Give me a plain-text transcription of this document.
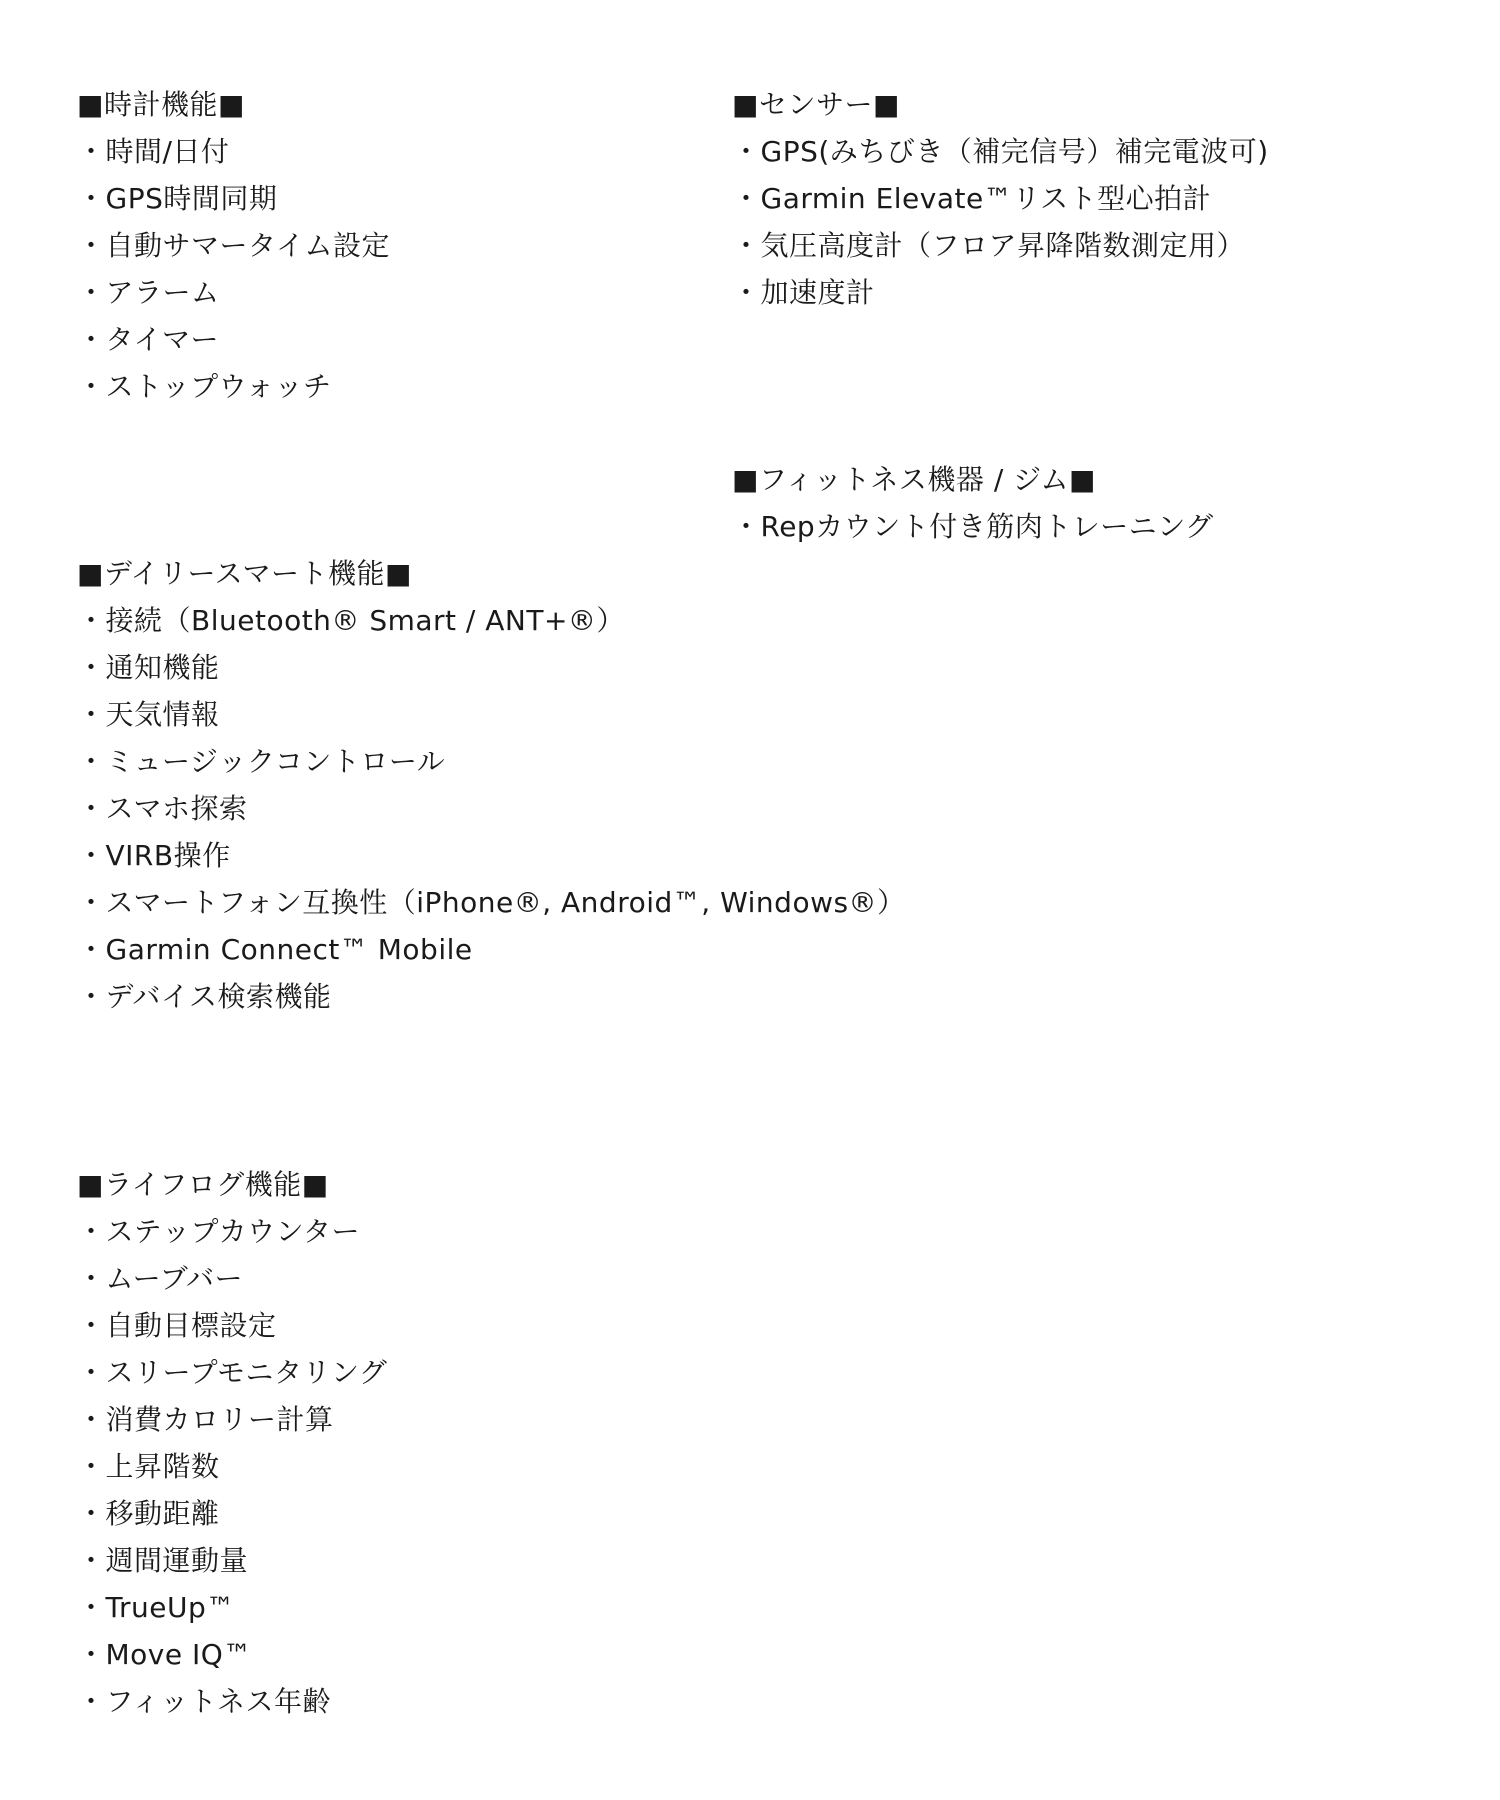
■時計機能■
・時間/日付
・GPS時間同期
・自動サマータイム設定
・アラーム
・タイマー
・ストップウォッチ
■センサー■
・GPS(みちびき（補完信号）補完電波可)
・Garmin Elevate™リスト型心拍計
・気圧高度計（フロア昇降階数測定用）
・加速度計
■フィットネス機器 / ジム■
・Repカウント付き筋肉トレーニング
■デイリースマート機能■
・接続（Bluetooth® Smart / ANT+®）
・通知機能
・天気情報
・ミュージックコントロール
・スマホ探索
・VIRB操作
・スマートフォン互換性（iPhone®, Android™, Windows®）
・Garmin Connect™ Mobile
・デバイス検索機能
■ライフログ機能■
・ステップカウンター
・ムーブバー
・自動目標設定
・スリープモニタリング
・消費カロリー計算
・上昇階数
・移動距離
・週間運動量
・TrueUp™
・Move IQ™
・フィットネス年齢
